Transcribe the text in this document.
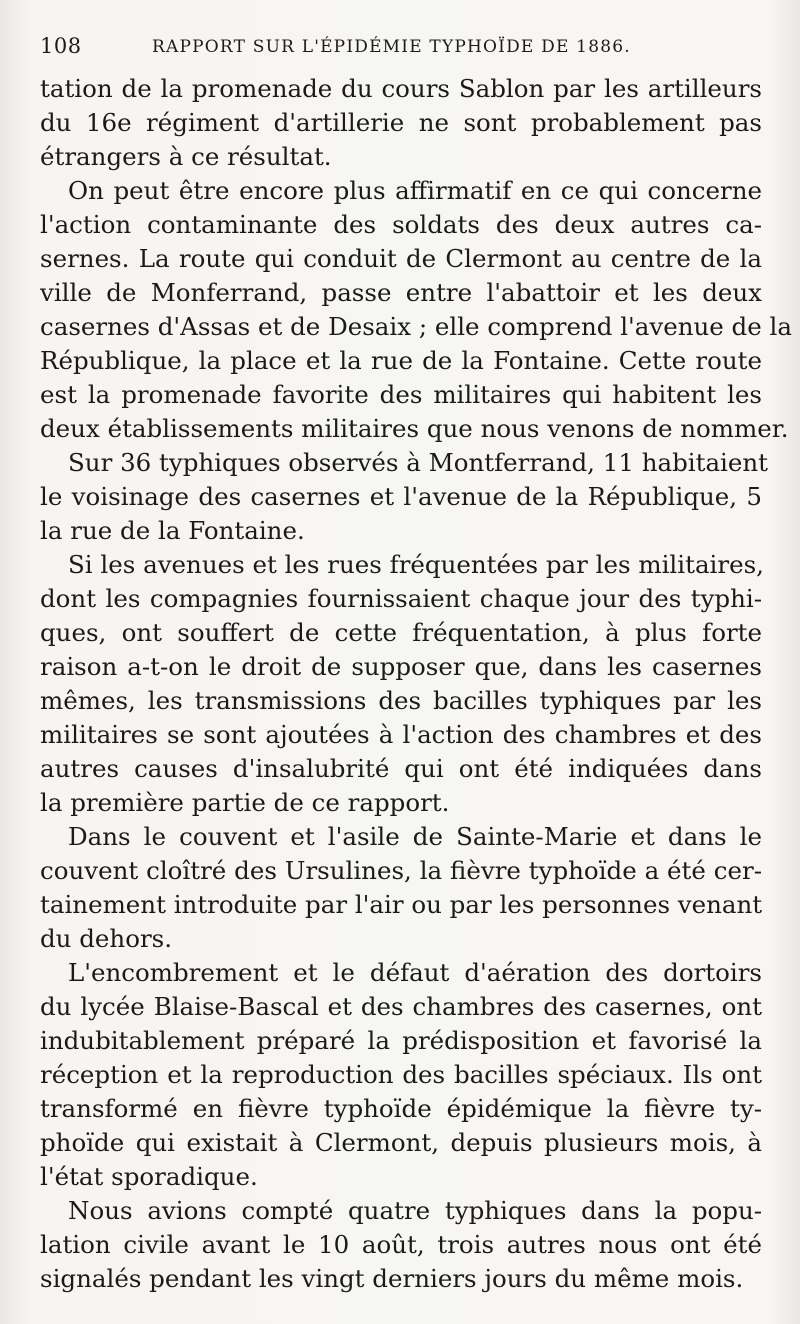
108	RAPPORT SUR L'ÉPIDÉMIE TYPHOÏDE DE 1886.
tation de la promenade du cours Sablon par les artilleurs
du 16e régiment d'artillerie ne sont probablement pas
étrangers à ce résultat.
On peut être encore plus affirmatif en ce qui concerne
l'action contaminante des soldats des deux autres ca-
sernes. La route qui conduit de Clermont au centre de la
ville de Monferrand, passe entre l'abattoir et les deux
casernes d'Assas et de Desaix ; elle comprend l'avenue de la
République, la place et la rue de la Fontaine. Cette route
est la promenade favorite des militaires qui habitent les
deux établissements militaires que nous venons de nommer.
Sur 36 typhiques observés à Montferrand, 11 habitaient
le voisinage des casernes et l'avenue de la République, 5
la rue de la Fontaine.
Si les avenues et les rues fréquentées par les militaires,
dont les compagnies fournissaient chaque jour des typhi-
ques, ont souffert de cette fréquentation, à plus forte
raison a-t-on le droit de supposer que, dans les casernes
mêmes, les transmissions des bacilles typhiques par les
militaires se sont ajoutées à l'action des chambres et des
autres causes d'insalubrité qui ont été indiquées dans
la première partie de ce rapport.
Dans le couvent et l'asile de Sainte-Marie et dans le
couvent cloîtré des Ursulines, la fièvre typhoïde a été cer-
tainement introduite par l'air ou par les personnes venant
du dehors.
L'encombrement et le défaut d'aération des dortoirs
du lycée Blaise-Bascal et des chambres des casernes, ont
indubitablement préparé la prédisposition et favorisé la
réception et la reproduction des bacilles spéciaux. Ils ont
transformé en fièvre typhoïde épidémique la fièvre ty-
phoïde qui existait à Clermont, depuis plusieurs mois, à
l'état sporadique.
Nous avions compté quatre typhiques dans la popu-
lation civile avant le 10 août, trois autres nous ont été
signalés pendant les vingt derniers jours du même mois.
